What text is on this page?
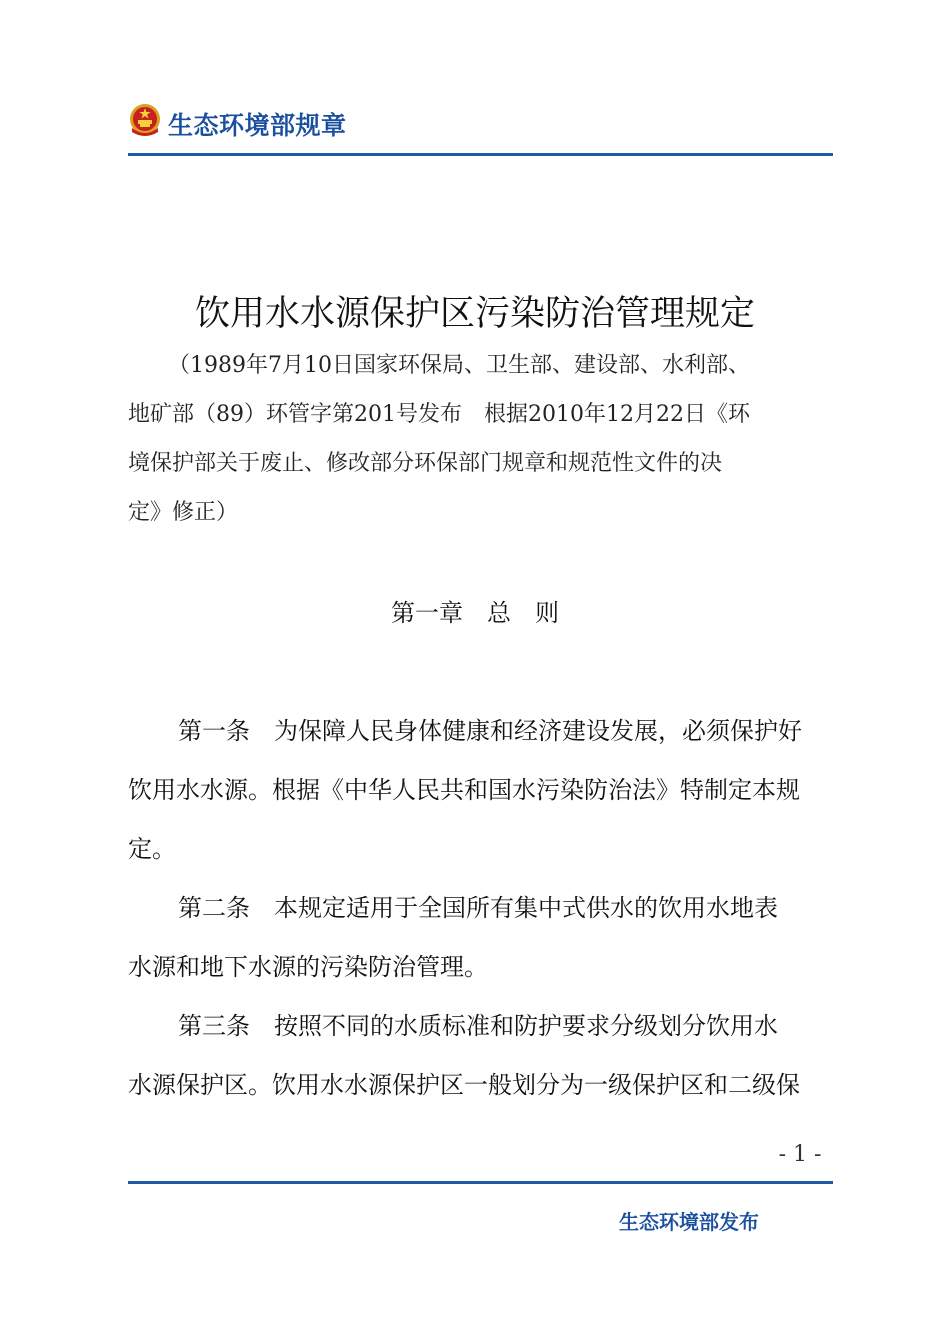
生态环境部规章
饮用水水源保护区污染防治管理规定

（1989年7月10日国家环保局、卫生部、建设部、水利部、

地矿部（89）环管字第201号发布　根据2010年12月22日《环

境保护部关于废止、修改部分环保部门规章和规范性文件的决

定》修正）

第一章　总　则
第一条　为保障人民身体健康和经济建设发展，必须保护好
饮用水水源。根据《中华人民共和国水污染防治法》特制定本规
定。
第二条　本规定适用于全国所有集中式供水的饮用水地表
水源和地下水源的污染防治管理。
第三条　按照不同的水质标准和防护要求分级划分饮用水
水源保护区。饮用水水源保护区一般划分为一级保护区和二级保
- 1 -
生态环境部发布
